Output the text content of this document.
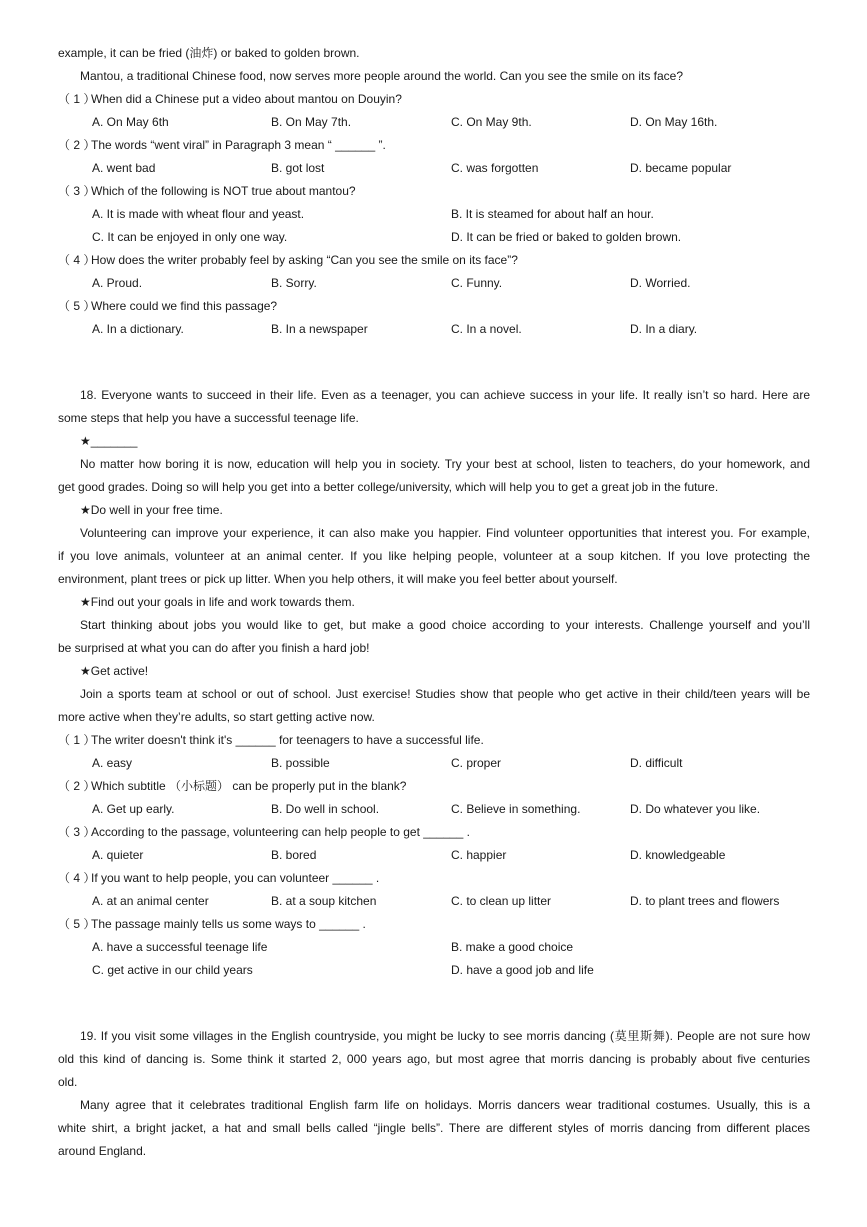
example, it can be fried (油炸) or baked to golden brown.
Mantou, a traditional Chinese food, now serves more people around the world. Can you see the smile on its face?
（ 1 ）
When did a Chinese put a video about mantou on Douyin?
A. On May 6th	B. On May 7th.	C. On May 9th.	D. On May 16th.
（ 2 ）
The words “went viral” in Paragraph 3 mean “ ______ ”.
A. went bad	B. got lost	C. was forgotten	D. became popular
（ 3 ）
Which of the following is NOT true about mantou?
A. It is made with wheat flour and yeast.	B. It is steamed for about half an hour.
C. It can be enjoyed in only one way.	D. It can be fried or baked to golden brown.
（ 4 ）
How does the writer probably feel by asking “Can you see the smile on its face”?
A. Proud.	B. Sorry.	C. Funny.	D. Worried.
（ 5 ）
Where could we find this passage?
A. In a dictionary.	B. In a newspaper	C. In a novel.	D. In a diary.
18. Everyone wants to succeed in their life. Even as a teenager, you can achieve success in your life. It really isn’t so hard. Here are
some steps that help you have a successful teenage life.
★_______
No matter how boring it is now, education will help you in society. Try your best at school, listen to teachers, do your homework, and
get good grades. Doing so will help you get into a better college/university, which will help you to get a great job in the future.
★Do well in your free time.
Volunteering can improve your experience, it can also make you happier. Find volunteer opportunities that interest you. For example,
if you love animals, volunteer at an animal center. If you like helping people, volunteer at a soup kitchen. If you love protecting the
environment, plant trees or pick up litter. When you help others, it will make you feel better about yourself.
★Find out your goals in life and work towards them.
Start thinking about jobs you would like to get, but make a good choice according to your interests. Challenge yourself and you’ll
be surprised at what you can do after you finish a hard job!
★Get active!
Join a sports team at school or out of school. Just exercise! Studies show that people who get active in their child/teen years will be
more active when they’re adults, so start getting active now.
（ 1 ）
The writer doesn't think it's ______ for teenagers to have a successful life.
A. easy	B. possible	C. proper	D. difficult
（ 2 ）
Which subtitle （小标题） can be properly put in the blank?
A. Get up early.	B. Do well in school.	C. Believe in something.	D. Do whatever you like.
（ 3 ）
According to the passage, volunteering can help people to get ______ .
A. quieter	B. bored	C. happier	D. knowledgeable
（ 4 ）
If you want to help people, you can volunteer ______ .
A. at an animal center	B. at a soup kitchen	C. to clean up litter	D. to plant trees and flowers
（ 5 ）
The passage mainly tells us some ways to ______ .
A. have a successful teenage life	B. make a good choice
C. get active in our child years	D. have a good job and life
19. If you visit some villages in the English countryside, you might be lucky to see morris dancing (莫里斯舞). People are not sure how
old this kind of dancing is. Some think it started 2, 000 years ago, but most agree that morris dancing is probably about five centuries
old.
Many agree that it celebrates traditional English farm life on holidays. Morris dancers wear traditional costumes. Usually, this is a
white shirt, a bright jacket, a hat and small bells called “jingle bells”. There are different styles of morris dancing from different places
around England.
